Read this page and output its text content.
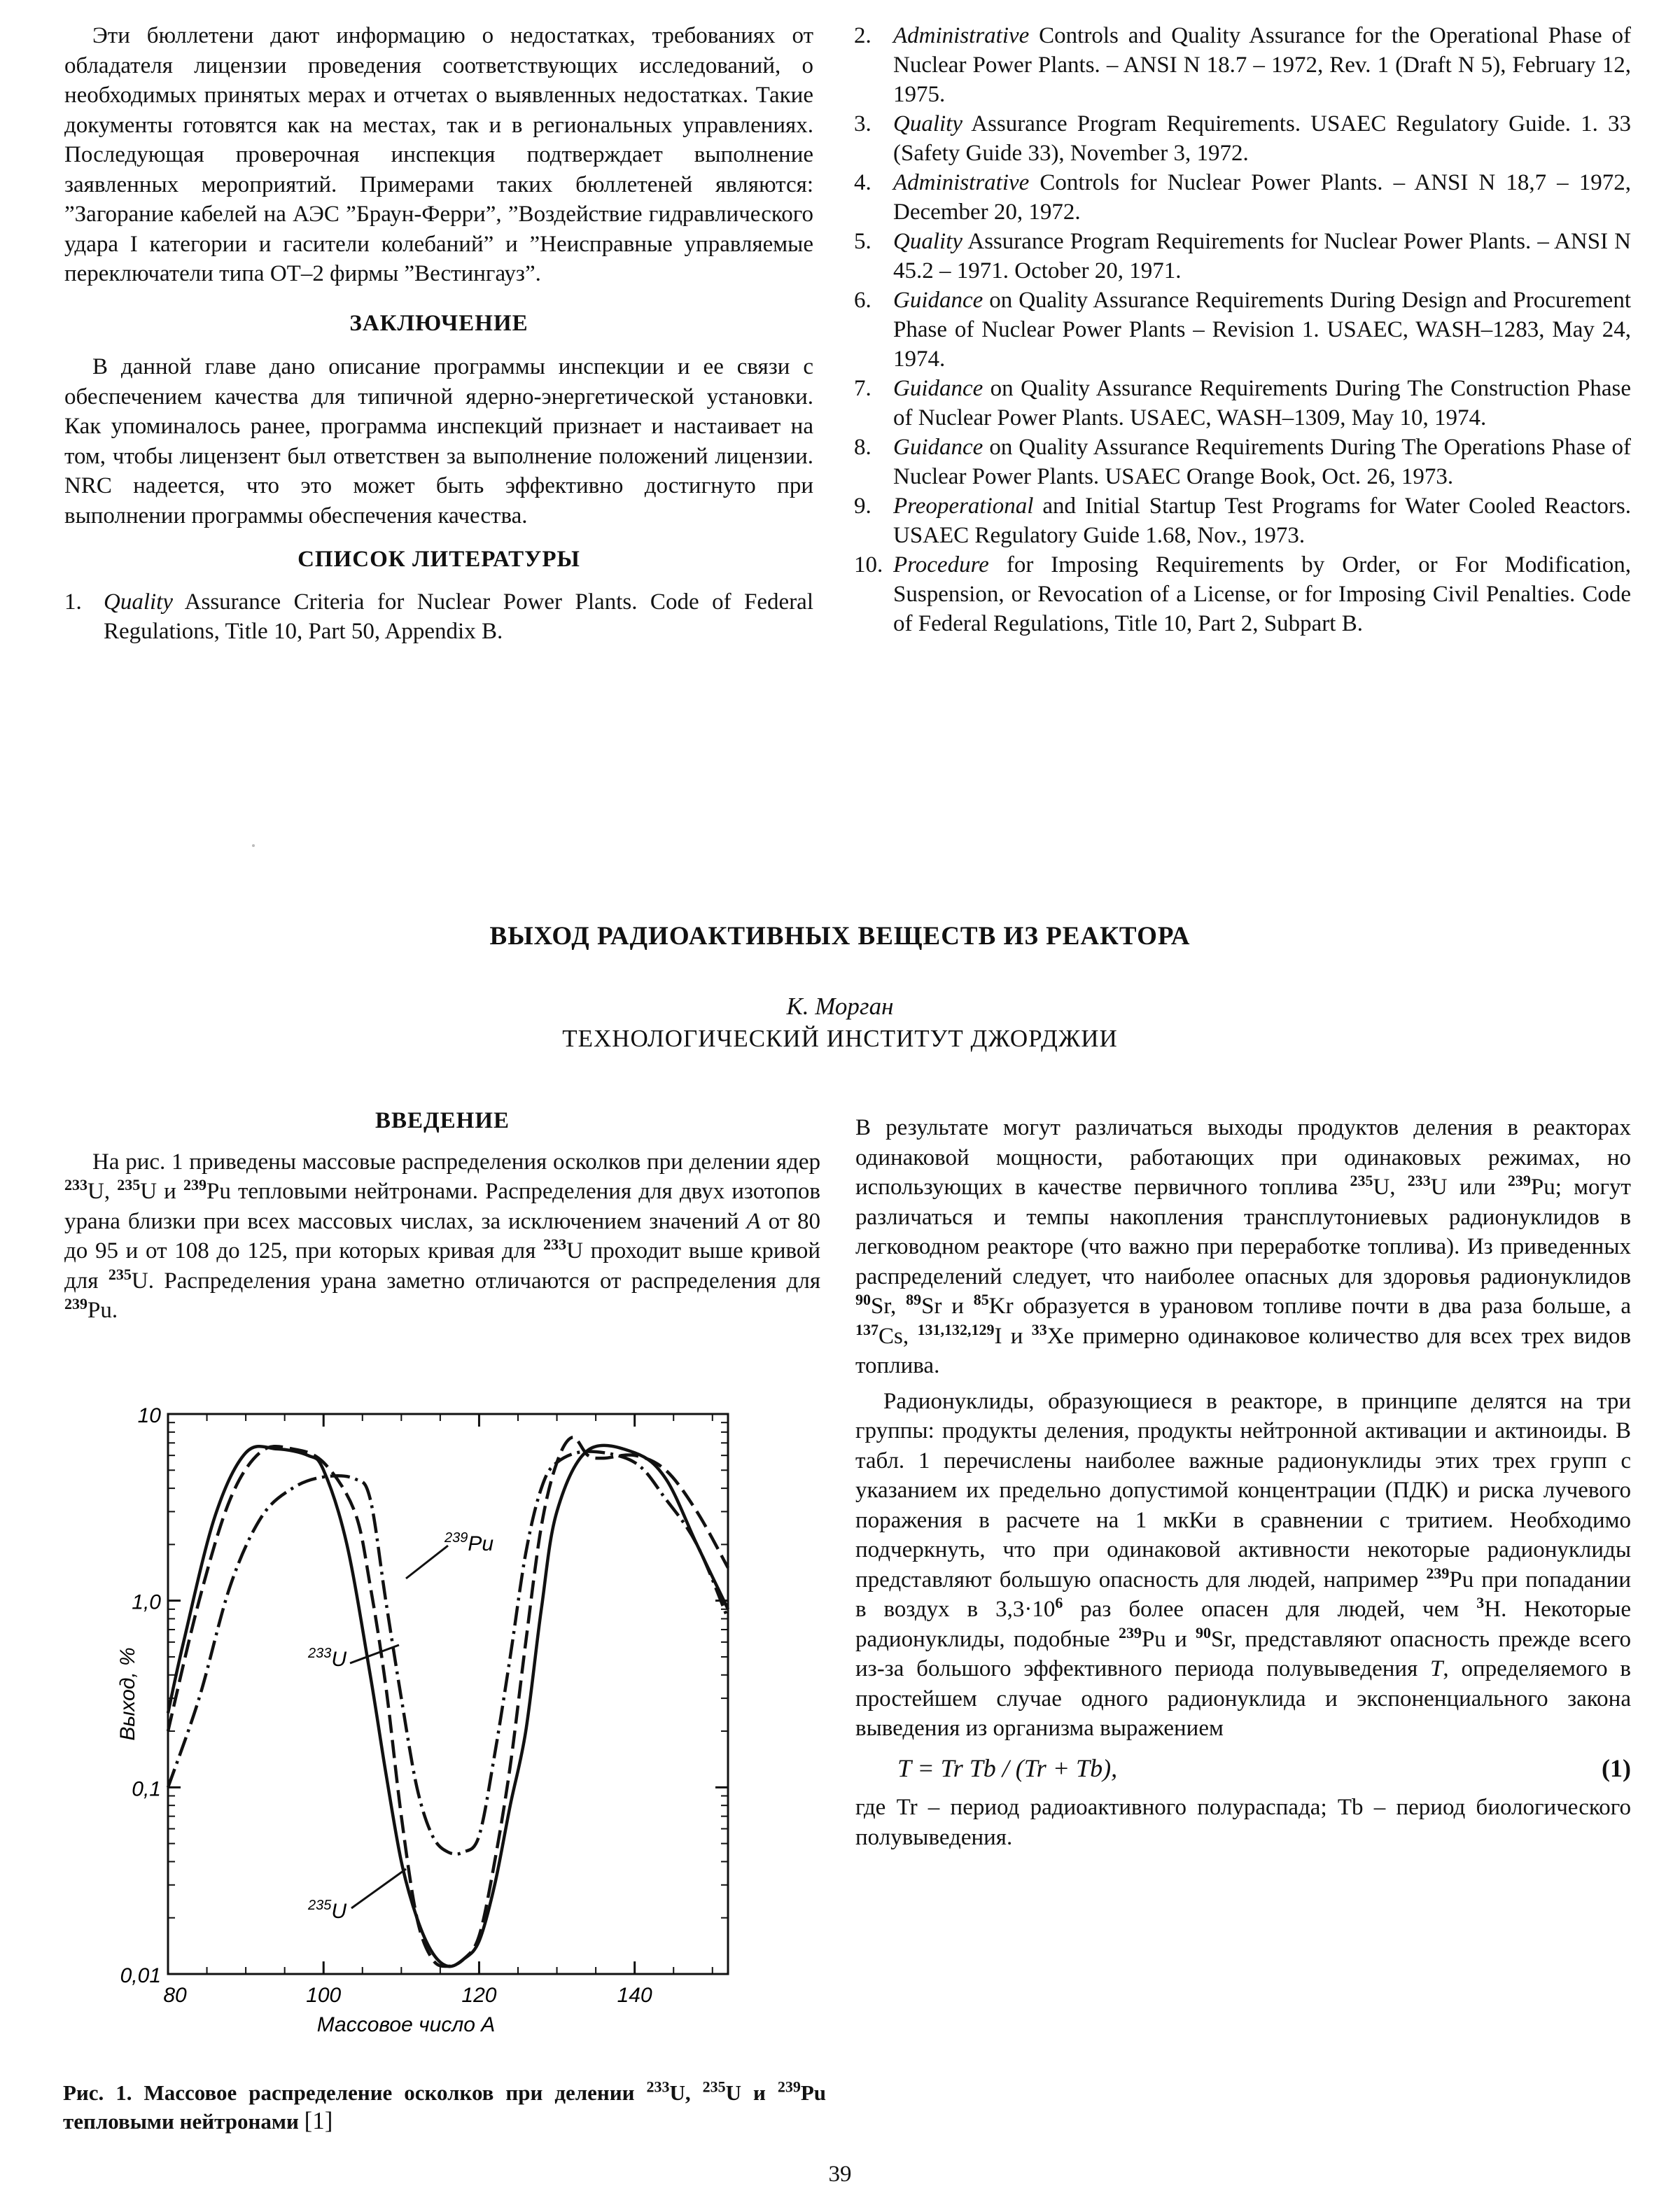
Эти бюллетени дают информацию о недостатках, требованиях от обладателя лицензии проведения соответствующих исследований, о необходимых принятых мерах и отчетах о выявленных недостатках. Такие документы готовятся как на местах, так и в региональных управлениях. Последующая проверочная инспекция подтверждает выполнение заявленных мероприятий. Примерами таких бюллетеней являются: ”Загорание кабелей на АЭС ”Браун-Ферри”, ”Воздействие гидравлического удара I категории и гасители колебаний” и ”Неисправные управляемые переключатели типа ОТ–2 фирмы ”Вестингауз”.

ЗАКЛЮЧЕНИЕ

В данной главе дано описание программы инспекции и ее связи с обеспечением качества для типичной ядерно-энергетической установки. Как упоминалось ранее, программа инспекций признает и настаивает на том, чтобы лицензент был ответствен за выполнение положений лицензии. NRC надеется, что это может быть эффективно достигнуто при выполнении программы обеспечения качества.

СПИСОК ЛИТЕРАТУРЫ

1. Quality Assurance Criteria for Nuclear Power Plants. Code of Federal Regulations, Title 10, Part 50, Appendix B.
2. Administrative Controls and Quality Assurance for the Operational Phase of Nuclear Power Plants. – ANSI N 18.7 – 1972, Rev. 1 (Draft N 5), February 12, 1975.
3. Quality Assurance Program Requirements. USAEC Regulatory Guide. 1. 33 (Safety Guide 33), November 3, 1972.
4. Administrative Controls for Nuclear Power Plants. – ANSI N 18,7 – 1972, December 20, 1972.
5. Quality Assurance Program Requirements for Nuclear Power Plants. – ANSI N 45.2 – 1971. October 20, 1971.
6. Guidance on Quality Assurance Requirements During Design and Procurement Phase of Nuclear Power Plants – Revision 1. USAEC, WASH–1283, May 24, 1974.
7. Guidance on Quality Assurance Requirements During The Construction Phase of Nuclear Power Plants. USAEC, WASH–1309, May 10, 1974.
8. Guidance on Quality Assurance Requirements During The Operations Phase of Nuclear Power Plants. USAEC Orange Book, Oct. 26, 1973.
9. Preoperational and Initial Startup Test Programs for Water Cooled Reactors. USAEC Regulatory Guide 1.68, Nov., 1973.
10. Procedure for Imposing Requirements by Order, or For Modification, Suspension, or Revocation of a License, or for Imposing Civil Penalties. Code of Federal Regulations, Title 10, Part 2, Subpart B.

ВЫХОД РАДИОАКТИВНЫХ ВЕЩЕСТВ ИЗ РЕАКТОРА

К. Морган

ТЕХНОЛОГИЧЕСКИЙ ИНСТИТУТ ДЖОРДЖИИ

ВВЕДЕНИЕ

На рис. 1 приведены массовые распределения осколков при делении ядер $^{233}$U, $^{235}$U и $^{239}$Pu тепловыми нейтронами. Распределения для двух изотопов урана близки при всех массовых числах, за исключением значений A от 80 до 95 и от 108 до 125, при которых кривая для $^{233}$U проходит выше кривой для $^{235}$U. Распределения урана заметно отличаются от распределения для $^{239}$Pu.

10
1,0
0,1
0,01
80	100	120	140
Массовое число A
Выход, %	$^{233}$U
$^{235}$U
$^{239}$Pu
Рис. 1. Массовое распределение осколков при делении $^{233}$U, $^{235}$U и $^{239}$Pu тепловыми нейтронами [1]

В результате могут различаться выходы продуктов деления в реакторах одинаковой мощности, работающих при одинаковых режимах, но использующих в качестве первичного топлива $^{235}$U, $^{233}$U или $^{239}$Pu; могут различаться и темпы накопления трансплутониевых радионуклидов в легководном реакторе (что важно при переработке топлива). Из приведенных распределений следует, что наиболее опасных для здоровья радионуклидов $^{90}$Sr, $^{89}$Sr и $^{85}$Kr образуется в урановом топливе почти в два раза больше, а $^{137}$Cs, $^{131,132,129}$I и $^{33}$Xe примерно одинаковое количество для всех трех видов топлива.

Радионуклиды, образующиеся в реакторе, в принципе делятся на три группы: продукты деления, продукты нейтронной активации и актиноиды. В табл. 1 перечислены наиболее важные радионуклиды этих трех групп с указанием их предельно допустимой концентрации (ПДК) и риска лучевого поражения в расчете на 1 мкКи в сравнении с тритием. Необходимо подчеркнуть, что при одинаковой активности некоторые радионуклиды представляют большую опасность для людей, например $^{239}$Pu при попадании в воздух в $3,3\cdot 10^6$ раз более опасен для людей, чем $^3$H. Некоторые радионуклиды, подобные $^{239}$Pu и $^{90}$Sr, представляют опасность прежде всего из-за большого эффективного периода полувыведения T, определяемого в простейшем случае одного радионуклида и экспоненциального закона выведения из организма выражением

T = Tr Tb / (Tr + Tb),	(1)

где Tr – период радиоактивного полураспада; Tb – период биологического полувыведения.

39
